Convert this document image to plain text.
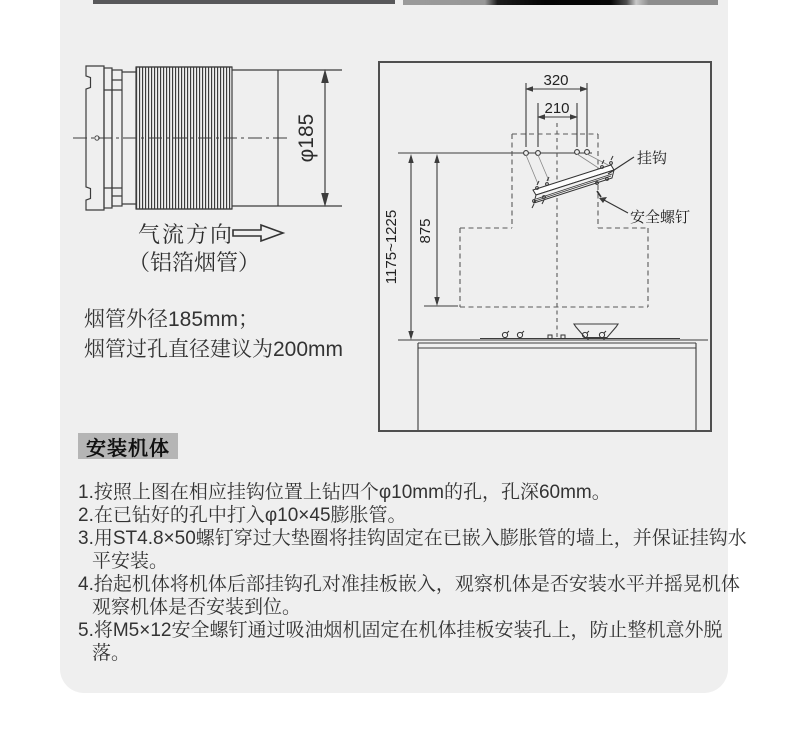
φ185
气流方向
（铝箔烟管）
烟管外径185mm；
烟管过孔直径建议为200mm
320
210
1175~1225 875
挂钩
安全螺钉
安装机体
1.按照上图在相应挂钩位置上钻四个φ10mm的孔，孔深60mm。
2.在已钻好的孔中打入φ10×45膨胀管。
3.用ST4.8×50螺钉穿过大垫圈将挂钩固定在已嵌入膨胀管的墙上，并保证挂钩水平安装。
4.抬起机体将机体后部挂钩孔对准挂板嵌入，观察机体是否安装水平并摇晃机体观察机体是否安装到位。
5.将M5×12安全螺钉通过吸油烟机固定在机体挂板安装孔上，防止整机意外脱落。
